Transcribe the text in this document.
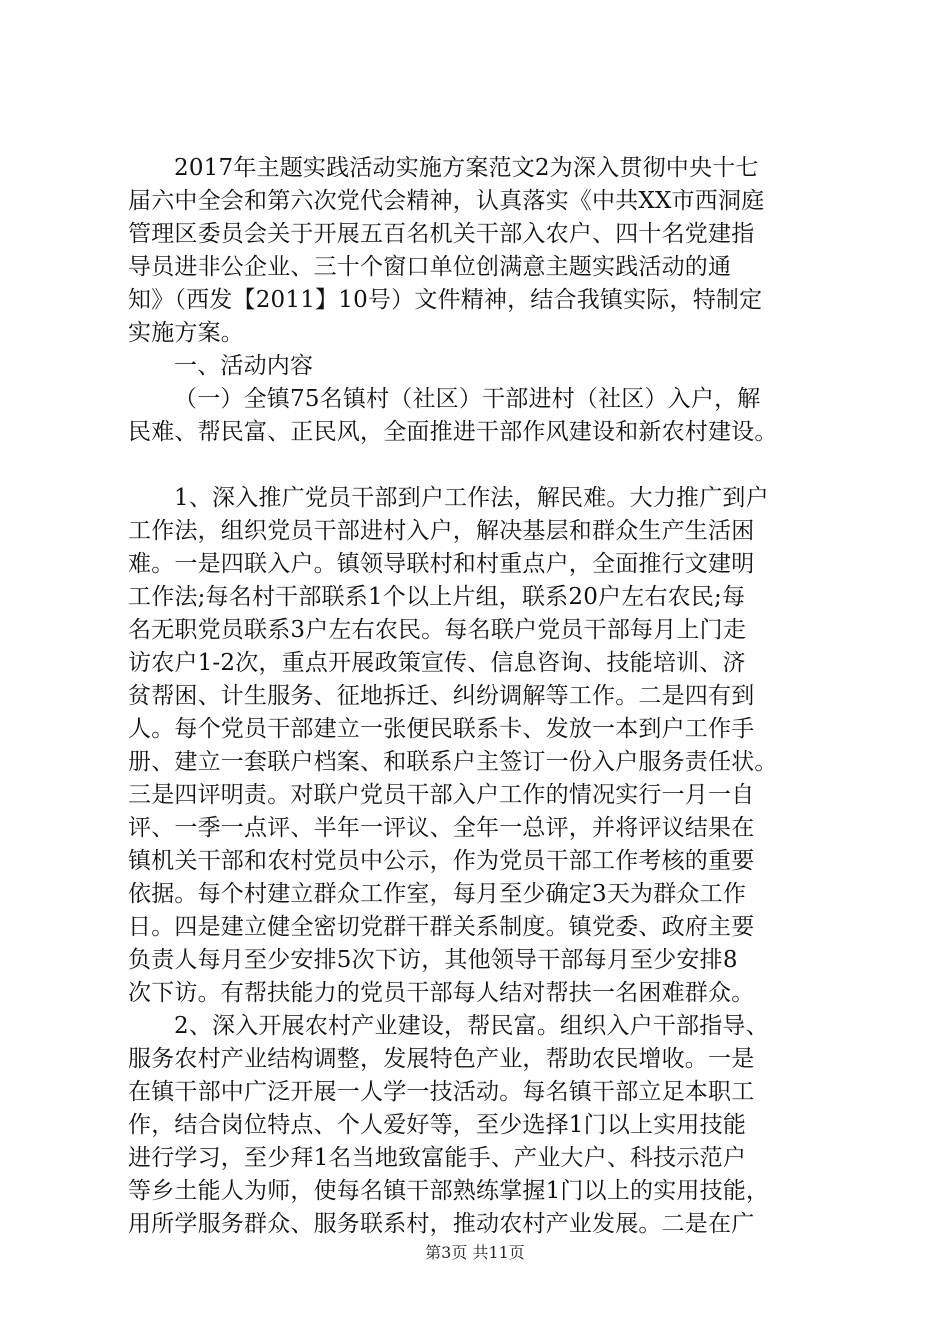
2017年主题实践活动实施方案范文2为深入贯彻中央十七
届六中全会和第六次党代会精神，认真落实《中共XX市西洞庭
管理区委员会关于开展五百名机关干部入农户、四十名党建指
导员进非公企业、三十个窗口单位创满意主题实践活动的通
知》（西发【2011】10号）文件精神，结合我镇实际，特制定
实施方案。
一、活动内容
（一）全镇75名镇村（社区）干部进村（社区）入户，解
民难、帮民富、正民风，全面推进干部作风建设和新农村建设。
1、深入推广党员干部到户工作法，解民难。大力推广到户
工作法，组织党员干部进村入户，解决基层和群众生产生活困
难。一是四联入户。镇领导联村和村重点户，全面推行文建明
工作法;每名村干部联系1个以上片组，联系20户左右农民;每
名无职党员联系3户左右农民。每名联户党员干部每月上门走
访农户1-2次，重点开展政策宣传、信息咨询、技能培训、济
贫帮困、计生服务、征地拆迁、纠纷调解等工作。二是四有到
人。每个党员干部建立一张便民联系卡、发放一本到户工作手
册、建立一套联户档案、和联系户主签订一份入户服务责任状。
三是四评明责。对联户党员干部入户工作的情况实行一月一自
评、一季一点评、半年一评议、全年一总评，并将评议结果在
镇机关干部和农村党员中公示，作为党员干部工作考核的重要
依据。每个村建立群众工作室，每月至少确定3天为群众工作
日。四是建立健全密切党群干群关系制度。镇党委、政府主要
负责人每月至少安排5次下访，其他领导干部每月至少安排8
次下访。有帮扶能力的党员干部每人结对帮扶一名困难群众。
2、深入开展农村产业建设，帮民富。组织入户干部指导、
服务农村产业结构调整，发展特色产业，帮助农民增收。一是
在镇干部中广泛开展一人学一技活动。每名镇干部立足本职工
作，结合岗位特点、个人爱好等，至少选择1门以上实用技能
进行学习，至少拜1名当地致富能手、产业大户、科技示范户
等乡土能人为师，使每名镇干部熟练掌握1门以上的实用技能，
用所学服务群众、服务联系村，推动农村产业发展。二是在广
第3页 共11页
